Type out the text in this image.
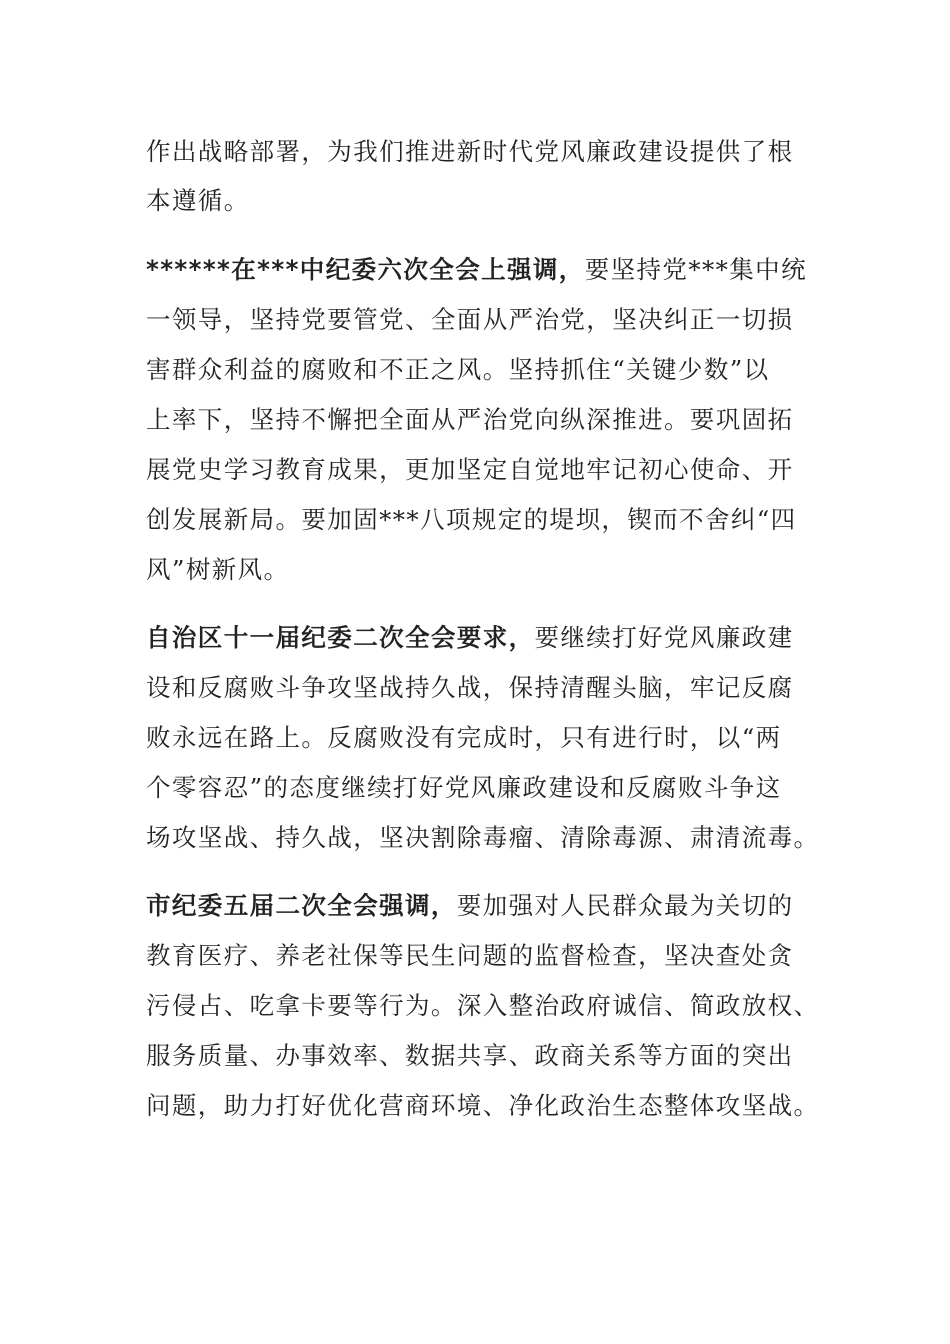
作出战略部署，为我们推进新时代党风廉政建设提供了根
本遵循。
******在***中纪委六次全会上强调，要坚持党***集中统
一领导，坚持党要管党、全面从严治党，坚决纠正一切损
害群众利益的腐败和不正之风。坚持抓住“关键少数”以
上率下，坚持不懈把全面从严治党向纵深推进。要巩固拓
展党史学习教育成果，更加坚定自觉地牢记初心使命、开
创发展新局。要加固***八项规定的堤坝，锲而不舍纠“四
风”树新风。
自治区十一届纪委二次全会要求，要继续打好党风廉政建
设和反腐败斗争攻坚战持久战，保持清醒头脑，牢记反腐
败永远在路上。反腐败没有完成时，只有进行时，以“两
个零容忍”的态度继续打好党风廉政建设和反腐败斗争这
场攻坚战、持久战，坚决割除毒瘤、清除毒源、肃清流毒。
市纪委五届二次全会强调，要加强对人民群众最为关切的
教育医疗、养老社保等民生问题的监督检查，坚决查处贪
污侵占、吃拿卡要等行为。深入整治政府诚信、简政放权、
服务质量、办事效率、数据共享、政商关系等方面的突出
问题，助力打好优化营商环境、净化政治生态整体攻坚战。
